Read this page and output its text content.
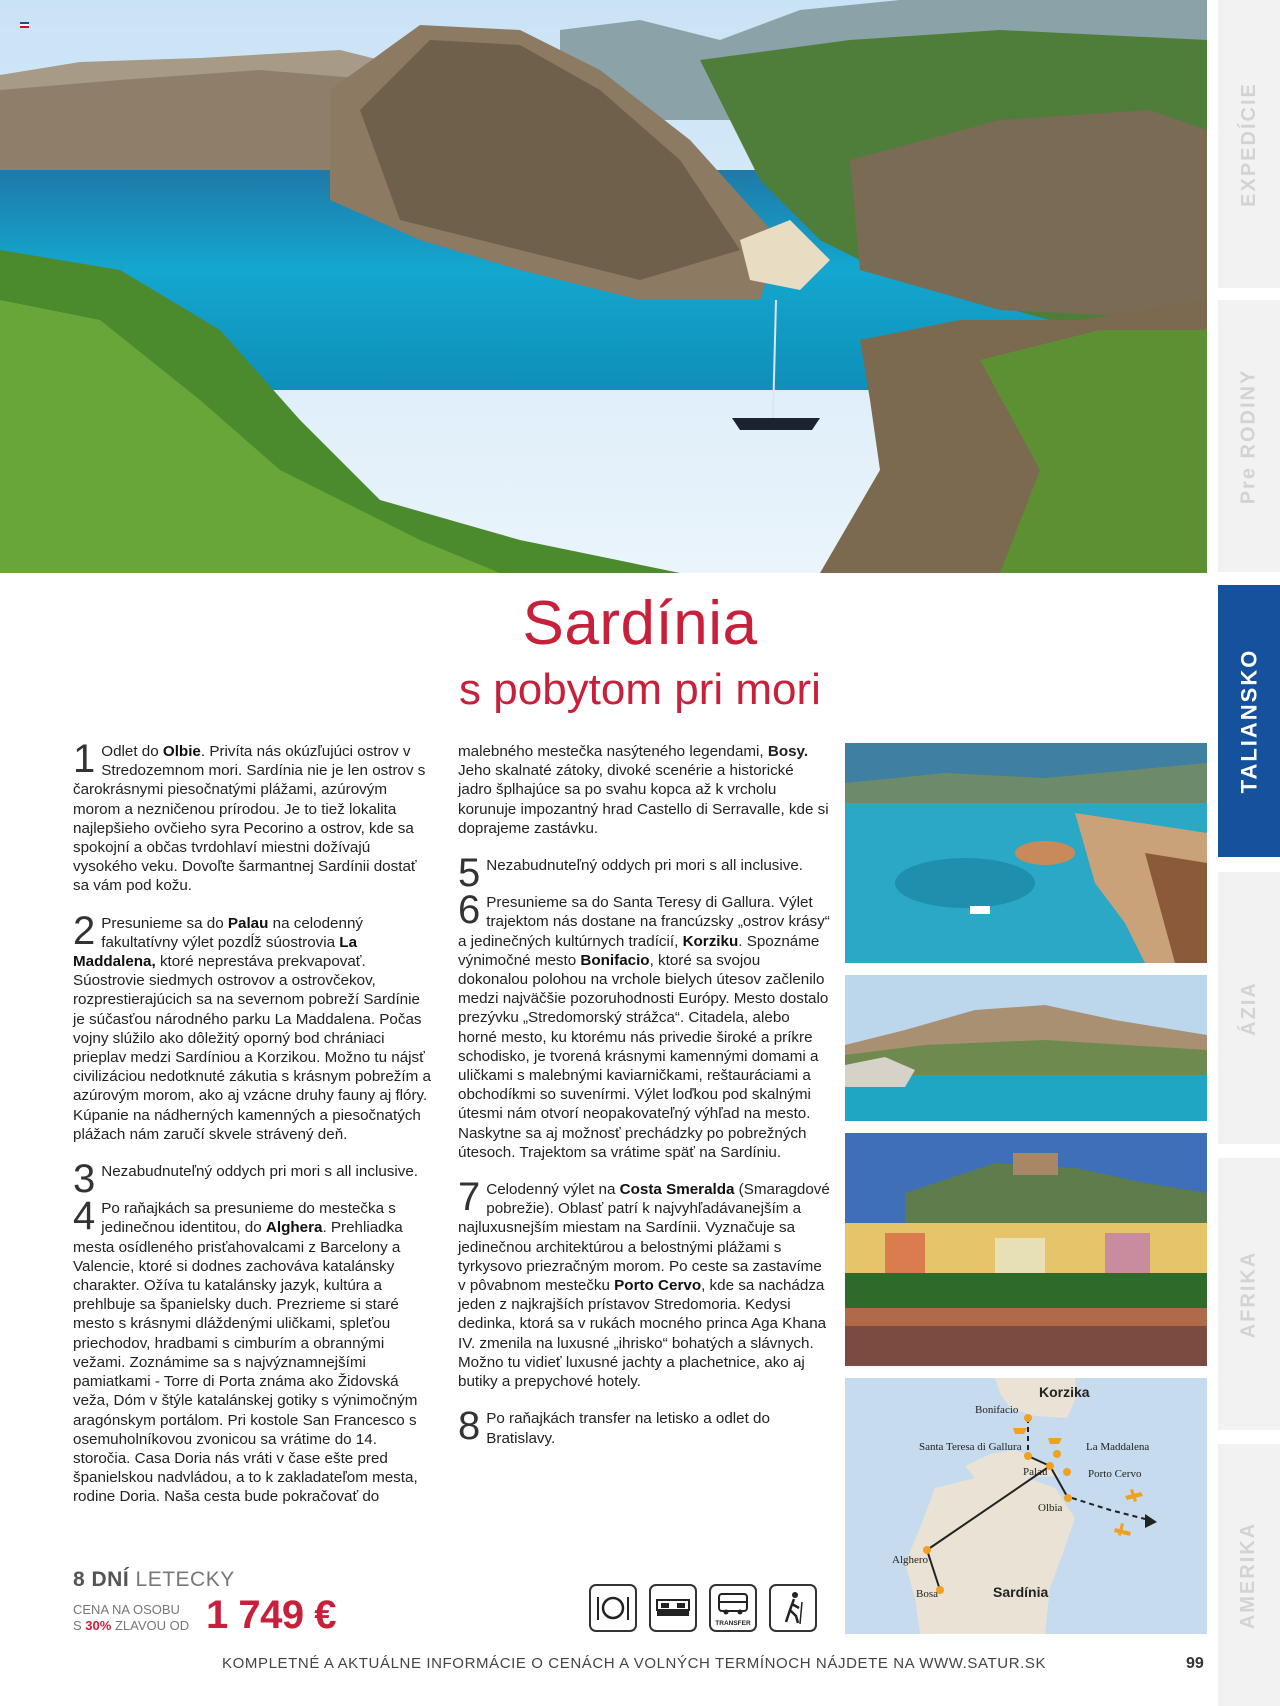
EXPEDÍCIE
Pre RODINY
TALIANSKO
ÁZIA
AFRIKA
AMERIKA
Sardínia
s pobytom pri mori
1 Odlet do Olbie. Privíta nás okúzľujúci ostrov v Stredozemnom mori. Sardínia nie je len ostrov s čarokrásnymi piesočnatými plážami, azúrovým morom a nezničenou prírodou. Je to tiež lokalita najlepšieho ovčieho syra Pecorino a ostrov, kde sa spokojní a občas tvrdohlaví miestni dožívajú vysokého veku. Dovoľte šarmantnej Sardínii dostať sa vám pod kožu.
2 Presunieme sa do Palau na celodenný fakultatívny výlet pozdĺž súostrovia La Maddalena, ktoré neprestáva prekvapovať. Súostrovie siedmych ostrovov a ostrovčekov, rozprestierajúcich sa na severnom pobreží Sardínie je súčasťou národného parku La Maddalena. Počas vojny slúžilo ako dôležitý oporný bod chrániaci prieplav medzi Sardíniou a Korzikou. Možno tu nájsť civilizáciou nedotknuté zákutia s krásnym pobrežím a azúrovým morom, ako aj vzácne druhy fauny aj flóry. Kúpanie na nádherných kamenných a piesočnatých plážach nám zaručí skvele strávený deň.
3 Nezabudnuteľný oddych pri mori s all inclusive.
4 Po raňajkách sa presunieme do mestečka s jedinečnou identitou, do Alghera. Prehliadka mesta osídleného prisťahovalcami z Barcelony a Valencie, ktoré si dodnes zachováva katalánsky charakter. Ožíva tu katalánsky jazyk, kultúra a prehlbuje sa španielsky duch. Prezrieme si staré mesto s krásnymi dláždenými uličkami, spleťou priechodov, hradbami s cimburím a obrannými vežami. Zoznámime sa s najvýznamnejšími pamiatkami - Torre di Porta známa ako Židovská veža, Dóm v štýle katalánskej gotiky s výnimočným aragónskym portálom. Pri kostole San Francesco s osemuholníkovou zvonicou sa vrátime do 14. storočia. Casa Doria nás vráti v čase ešte pred španielskou nadvládou, a to k zakladateľom mesta, rodine Doria. Naša cesta bude pokračovať do
malebného mestečka nasýteného legendami, Bosy. Jeho skalnaté zátoky, divoké scenérie a historické jadro šplhajúce sa po svahu kopca až k vrcholu korunuje impozantný hrad Castello di Serravalle, kde si doprajeme zastávku.
5 Nezabudnuteľný oddych pri mori s all inclusive.
6 Presunieme sa do Santa Teresy di Gallura. Výlet trajektom nás dostane na francúzsky „ostrov krásy“ a jedinečných kultúrnych tradícií, Korziku. Spoznáme výnimočné mesto Bonifacio, ktoré sa svojou dokonalou polohou na vrchole bielych útesov začlenilo medzi najväčšie pozoruhodnosti Európy. Mesto dostalo prezývku „Stredomorský strážca“. Citadela, alebo horné mesto, ku ktorému nás privedie široké a príkre schodisko, je tvorená krásnymi kamennými domami a uličkami s malebnými kaviarničkami, reštauráciami a obchodíkmi so suvenírmi. Výlet loďkou pod skalnými útesmi nám otvorí neopakovateľný výhľad na mesto. Naskytne sa aj možnosť prechádzky po pobrežných útesoch. Trajektom sa vrátime späť na Sardíniu.
7 Celodenný výlet na Costa Smeralda (Smaragdové pobrežie). Oblasť patrí k najvyhľadávanejším a najluxusnejším miestam na Sardínii. Vyznačuje sa jedinečnou architektúrou a belostnými plážami s tyrkysovo priezračným morom. Po ceste sa zastavíme v pôvabnom mestečku Porto Cervo, kde sa nachádza jeden z najkrajších prístavov Stredomoria. Kedysi dedinka, ktorá sa v rukách mocného princa Aga Khana IV. zmenila na luxusné „ihrisko“ bohatých a slávnych. Možno tu vidieť luxusné jachty a plachetnice, ako aj butiky a prepychové hotely.
8 Po raňajkách transfer na letisko a odlet do Bratislavy.
Korzika
Bonifacio
Santa Teresa di Gallura	La Maddalena
Palau	Porto Cervo
Olbia
Alghero
Bosa	Sardínia
8 DNÍ LETECKY
CENA NA OSOBU
S 30% ZLAVOU OD 1 749 €	TRANSFER
KOMPLETNÉ A AKTUÁLNE INFORMÁCIE O CENÁCH A VOLNÝCH TERMÍNOCH NÁJDETE NA WWW.SATUR.SK	99
